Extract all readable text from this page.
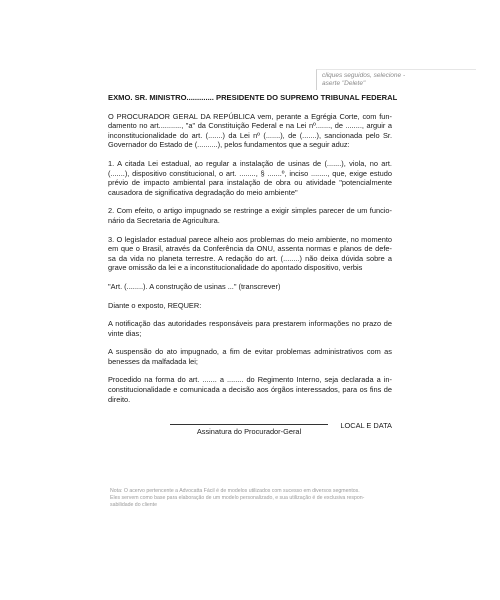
cliques seguidos, selecione -
aserte "Delete"
EXMO. SR. MINISTRO............. PRESIDENTE DO SUPREMO TRIBUNAL FEDERAL
O PROCURADOR GERAL DA REPÚBLICA vem, perante a Egrégia Corte, com fun-
damento no art..........., "a" da Constituição Federal e na Lei nº......., de ........, arguir a
inconstitucionalidade do art. (.......) da Lei nº (.......), de (.......), sancionada pelo Sr.
Governador do Estado de (..........), pelos fundamentos que a seguir aduz:
1. A citada Lei estadual, ao regular a instalação de usinas de (.......), viola, no art.
(.......), dispositivo constitucional, o art. ........, § .......º, inciso ........, que, exige estudo
prévio de impacto ambiental para instalação de obra ou atividade "potencialmente
causadora de significativa degradação do meio ambiente"
2. Com efeito, o artigo impugnado se restringe a exigir simples parecer de um funcio-
nário da Secretaria de Agricultura.
3. O legislador estadual parece alheio aos problemas do meio ambiente, no momento
em que o Brasil, através da Conferência da ONU, assenta normas e planos de defe-
sa da vida no planeta terrestre. A redação do art. (........) não deixa dúvida sobre a
grave omissão da lei e a inconstitucionalidade do apontado dispositivo, verbis
"Art. (........). A construção de usinas ..." (transcrever)
Diante o exposto, REQUER:
A notificação das autoridades responsáveis para prestarem informações no prazo de
vinte dias;
A suspensão do ato impugnado, a fim de evitar problemas administrativos com as
benesses da malfadada lei;
Procedido na forma do art. ....... a ........ do Regimento Interno, seja declarada a in-
constitucionalidade e comunicada a decisão aos órgãos interessados, para os fins de
direito.
LOCAL E DATA
Assinatura do Procurador-Geral
Nota: O acervo pertencente a Advocatta Fácil é de modelos utilizados com sucesso em diversos segmentos.
Eles servem como base para elaboração de um modelo personalizado, e sua utilização é de exclusiva respon-
sabilidade do cliente
